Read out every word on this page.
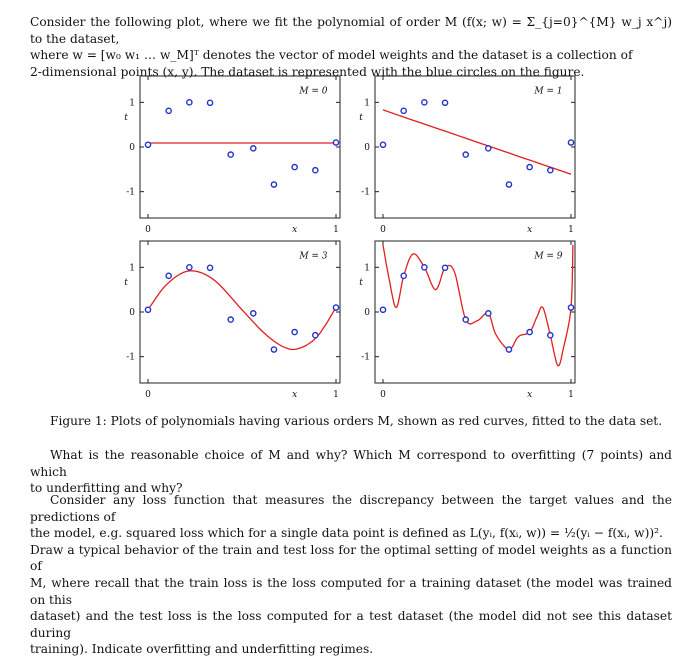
Consider the following plot, where we fit the polynomial of order M (f(x; w) = Σ_{j=0}^{M} w_j x^j) to the dataset,
where w = [w₀ w₁ … w_M]ᵀ denotes the vector of model weights and the dataset is a collection of
2-dimensional points (x, y). The dataset is represented with the blue circles on the figure.
-1
0
1
0	1
x
t
M = 0
-1
0
1
0	1
x
t
M = 1
-1
0
1
0	1
x
t
M = 3
-1
0
1
0	1
x
t
M = 9
Figure 1: Plots of polynomials having various orders M, shown as red curves, fitted to the data set.
What is the reasonable choice of M and why? Which M correspond to overfitting (7 points) and which
to underfitting and why?
Consider any loss function that measures the discrepancy between the target values and the predictions of
the model, e.g. squared loss which for a single data point is defined as L(yᵢ, f(xᵢ, w)) = ½(yᵢ − f(xᵢ, w))².
Draw a typical behavior of the train and test loss for the optimal setting of model weights as a function of
M, where recall that the train loss is the loss computed for a training dataset (the model was trained on this
dataset) and the test loss is the loss computed for a test dataset (the model did not see this dataset during
training). Indicate overfitting and underfitting regimes.
